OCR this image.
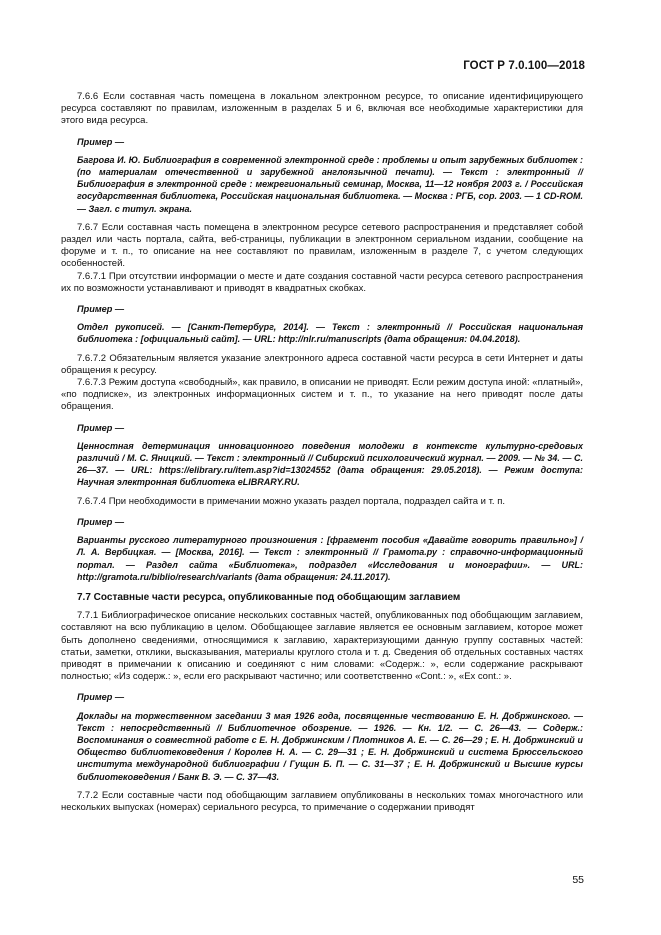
ГОСТ Р 7.0.100—2018

7.6.6 Если составная часть помещена в локальном электронном ресурсе, то описание идентифицирующего ресурса составляют по правилам, изложенным в разделах 5 и 6, включая все необходимые характеристики для этого вида ресурса.

Пример —

Багрова И. Ю. Библиография в современной электронной среде : проблемы и опыт зарубежных библиотек : (по материалам отечественной и зарубежной англоязычной печати). — Текст : электронный // Библиография в электронной среде : межрегиональный семинар, Москва, 11—12 ноября 2003 г. / Российская государственная библиотека, Российская национальная библиотека. — Москва : РГБ, сор. 2003. — 1 CD-ROM. — Загл. с титул. экрана.

7.6.7 Если составная часть помещена в электронном ресурсе сетевого распространения и представляет собой раздел или часть портала, сайта, веб-страницы, публикации в электронном сериальном издании, сообщение на форуме и т. п., то описание на нее составляют по правилам, изложенным в разделе 7, с учетом следующих особенностей.

7.6.7.1 При отсутствии информации о месте и дате создания составной части ресурса сетевого распространения их по возможности устанавливают и приводят в квадратных скобках.

Пример —

Отдел рукописей. — [Санкт-Петербург, 2014]. — Текст : электронный // Российская национальная библиотека : [официальный сайт]. — URL: http://nlr.ru/manuscripts (дата обращения: 04.04.2018).

7.6.7.2 Обязательным является указание электронного адреса составной части ресурса в сети Интернет и даты обращения к ресурсу.

7.6.7.3 Режим доступа «свободный», как правило, в описании не приводят. Если режим доступа иной: «платный», «по подписке», из электронных информационных систем и т. п., то указание на него приводят после даты обращения.

Пример —

Ценностная детерминация инновационного поведения молодежи в контексте культурно-средовых различий / М. С. Яницкий. — Текст : электронный // Сибирский психологический журнал. — 2009. — № 34. — С. 26—37. — URL: https://elibrary.ru/item.asp?id=13024552 (дата обращения: 29.05.2018). — Режим доступа: Научная электронная библиотека eLIBRARY.RU.

7.6.7.4 При необходимости в примечании можно указать раздел портала, подраздел сайта и т. п.

Пример —

Варианты русского литературного произношения : [фрагмент пособия «Давайте говорить правильно»] / Л. А. Вербицкая. — [Москва, 2016]. — Текст : электронный // Грамота.ру : справочно-информационный портал. — Раздел сайта «Библиотека», подраздел «Исследования и монографии». — URL: http://gramota.ru/biblio/research/variants (дата обращения: 24.11.2017).

7.7 Составные части ресурса, опубликованные под обобщающим заглавием

7.7.1 Библиографическое описание нескольких составных частей, опубликованных под обобщающим заглавием, составляют на всю публикацию в целом. Обобщающее заглавие является ее основным заглавием, которое может быть дополнено сведениями, относящимися к заглавию, характеризующими данную группу составных частей: статьи, заметки, отклики, высказывания, материалы круглого стола и т. д. Сведения об отдельных составных частях приводят в примечании к описанию и соединяют с ним словами: «Содерж.: », если содержание раскрывают полностью; «Из содерж.: », если его раскрывают частично; или соответственно «Cont.: », «Ex cont.: ».

Пример —

Доклады на торжественном заседании 3 мая 1926 года, посвященные чествованию Е. Н. Добржинского. — Текст : непосредственный // Библиотечное обозрение. — 1926. — Кн. 1/2. — С. 26—43. — Содерж.: Воспоминания о совместной работе с Е. Н. Добржинским / Плотников А. Е. — С. 26—29 ; Е. Н. Добржинский и Общество библиотековедения / Королев Н. А. — С. 29—31 ; Е. Н. Добржинский и система Брюссельского института международной библиографии / Гущин Б. П. — С. 31—37 ; Е. Н. Добржинский и Высшие курсы библиотековедения / Банк В. Э. — С. 37—43.

7.7.2 Если составные части под обобщающим заглавием опубликованы в нескольких томах многочастного или нескольких выпусках (номерах) сериального ресурса, то примечание о содержании приводят

55
